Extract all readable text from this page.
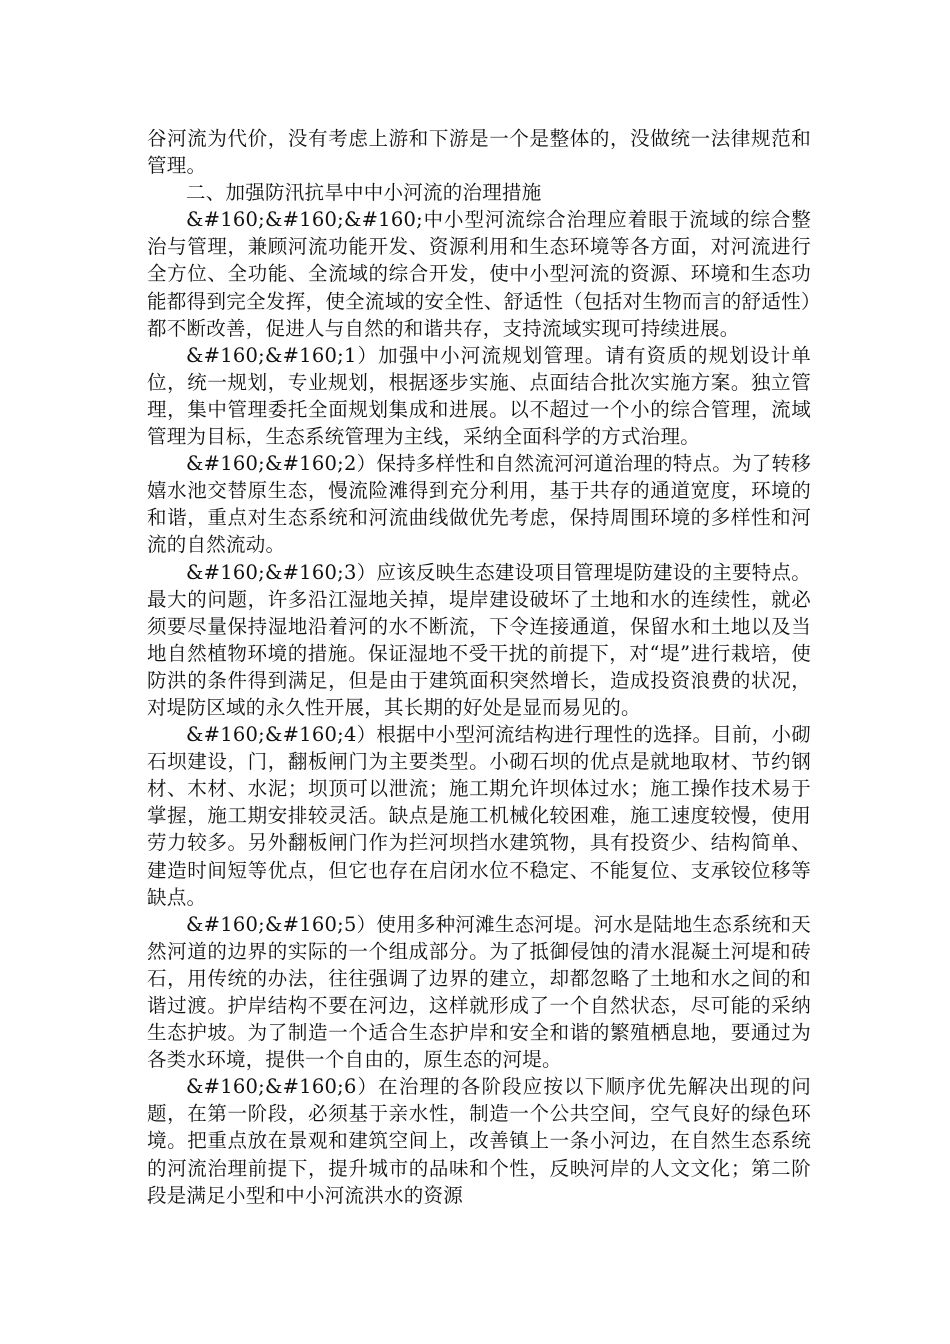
谷河流为代价，没有考虑上游和下游是一个是整体的，没做统一法律规范和管理。

二、加强防汛抗旱中中小河流的治理措施

&#160;&#160;&#160;中小型河流综合治理应着眼于流域的综合整治与管理，兼顾河流功能开发、资源利用和生态环境等各方面，对河流进行全方位、全功能、全流域的综合开发，使中小型河流的资源、环境和生态功能都得到完全发挥，使全流域的安全性、舒适性（包括对生物而言的舒适性）都不断改善，促进人与自然的和谐共存，支持流域实现可持续进展。

&#160;&#160;1）加强中小河流规划管理。请有资质的规划设计单位，统一规划，专业规划，根据逐步实施、点面结合批次实施方案。独立管理，集中管理委托全面规划集成和进展。以不超过一个小的综合管理，流域管理为目标，生态系统管理为主线，采纳全面科学的方式治理。

&#160;&#160;2）保持多样性和自然流河河道治理的特点。为了转移嬉水池交替原生态，慢流险滩得到充分利用，基于共存的通道宽度，环境的和谐，重点对生态系统和河流曲线做优先考虑，保持周围环境的多样性和河流的自然流动。

&#160;&#160;3）应该反映生态建设项目管理堤防建设的主要特点。最大的问题，许多沿江湿地关掉，堤岸建设破坏了土地和水的连续性，就必须要尽量保持湿地沿着河的水不断流，下令连接通道，保留水和土地以及当地自然植物环境的措施。保证湿地不受干扰的前提下，对“堤”进行栽培，使防洪的条件得到满足，但是由于建筑面积突然增长，造成投资浪费的状况，对堤防区域的永久性开展，其长期的好处是显而易见的。

&#160;&#160;4）根据中小型河流结构进行理性的选择。目前，小砌石坝建设，门，翻板闸门为主要类型。小砌石坝的优点是就地取材、节约钢材、木材、水泥；坝顶可以泄流；施工期允许坝体过水；施工操作技术易于掌握，施工期安排较灵活。缺点是施工机械化较困难，施工速度较慢，使用劳力较多。另外翻板闸门作为拦河坝挡水建筑物，具有投资少、结构简单、建造时间短等优点，但它也存在启闭水位不稳定、不能复位、支承铰位移等缺点。

&#160;&#160;5）使用多种河滩生态河堤。河水是陆地生态系统和天然河道的边界的实际的一个组成部分。为了抵御侵蚀的清水混凝土河堤和砖石，用传统的办法，往往强调了边界的建立，却都忽略了土地和水之间的和谐过渡。护岸结构不要在河边，这样就形成了一个自然状态，尽可能的采纳生态护坡。为了制造一个适合生态护岸和安全和谐的繁殖栖息地，要通过为各类水环境，提供一个自由的，原生态的河堤。

&#160;&#160;6）在治理的各阶段应按以下顺序优先解决出现的问题，在第一阶段，必须基于亲水性，制造一个公共空间，空气良好的绿色环境。把重点放在景观和建筑空间上，改善镇上一条小河边，在自然生态系统的河流治理前提下，提升城市的品味和个性，反映河岸的人文文化；第二阶段是满足小型和中小河流洪水的资源
